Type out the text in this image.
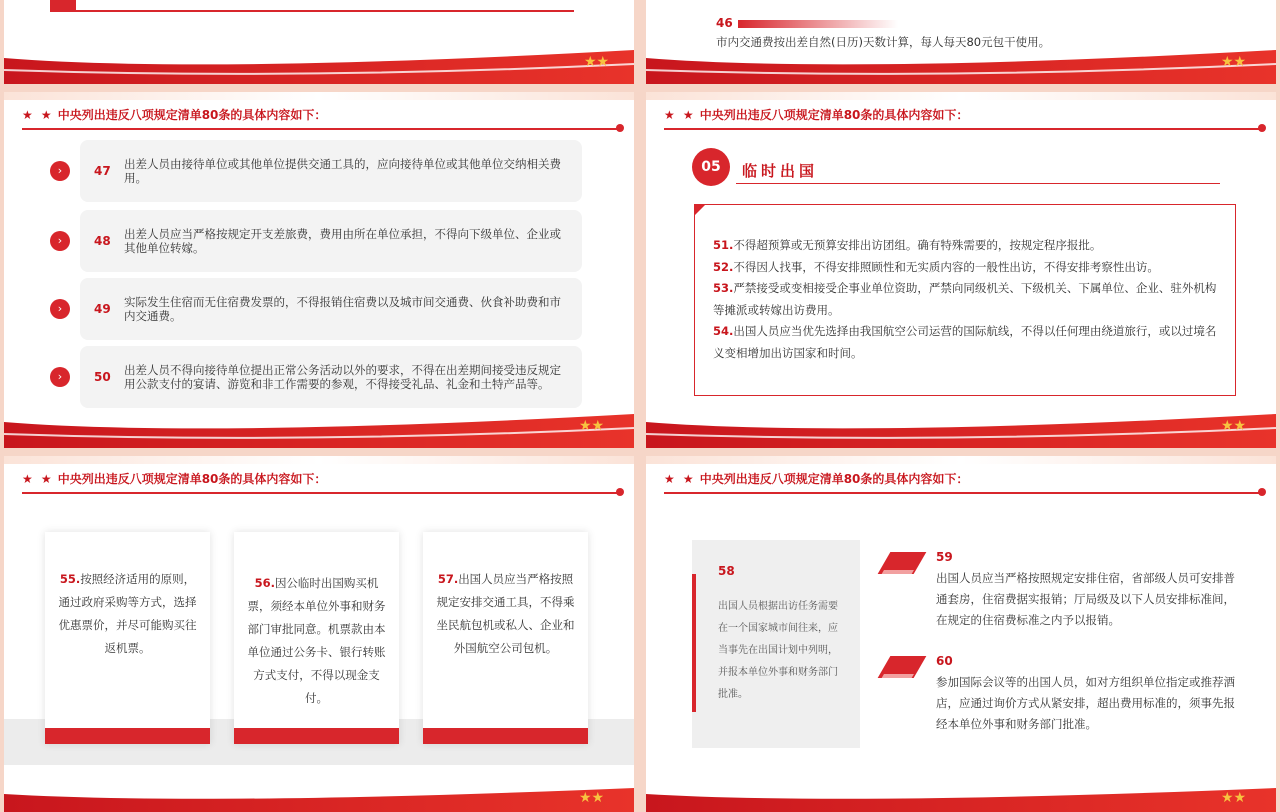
★★
46
市内交通费按出差自然(日历)天数计算，每人每天80元包干使用。
★★
★ ★ 中央列出违反八项规定清单80条的具体内容如下：
›	47 出差人员由接待单位或其他单位提供交通工具的，应向接待单位或其他单位交纳相关费用。
›	48 出差人员应当严格按规定开支差旅费，费用由所在单位承担，不得向下级单位、企业或其他单位转嫁。
›	49 实际发生住宿而无住宿费发票的，不得报销住宿费以及城市间交通费、伙食补助费和市内交通费。
›	50 出差人员不得向接待单位提出正常公务活动以外的要求，不得在出差期间接受违反规定用公款支付的宴请、游览和非工作需要的参观，不得接受礼品、礼金和土特产品等。
★★
★ ★ 中央列出违反八项规定清单80条的具体内容如下：
05	临时出国
51.不得超预算或无预算安排出访团组。确有特殊需要的，按规定程序报批。
52.不得因人找事，不得安排照顾性和无实质内容的一般性出访，不得安排考察性出访。
53.严禁接受或变相接受企事业单位资助，严禁向同级机关、下级机关、下属单位、企业、驻外机构等摊派或转嫁出访费用。
54.出国人员应当优先选择由我国航空公司运营的国际航线，不得以任何理由绕道旅行，或以过境名义变相增加出访国家和时间。
★★
★ ★ 中央列出违反八项规定清单80条的具体内容如下：
55.按照经济适用的原则，通过政府采购等方式，选择优惠票价，并尽可能购买往返机票。
56.因公临时出国购买机票，须经本单位外事和财务部门审批同意。机票款由本单位通过公务卡、银行转账方式支付，不得以现金支付。
57.出国人员应当严格按照规定安排交通工具，不得乘坐民航包机或私人、企业和外国航空公司包机。
★★
★ ★ 中央列出违反八项规定清单80条的具体内容如下：
58
出国人员根据出访任务需要在一个国家城市间往来，应当事先在出国计划中列明，并报本单位外事和财务部门批准。
59
出国人员应当严格按照规定安排住宿，省部级人员可安排普通套房，住宿费据实报销；厅局级及以下人员安排标准间，在规定的住宿费标准之内予以报销。
60
参加国际会议等的出国人员，如对方组织单位指定或推荐酒店，应通过询价方式从紧安排，超出费用标准的，须事先报经本单位外事和财务部门批准。
★★
